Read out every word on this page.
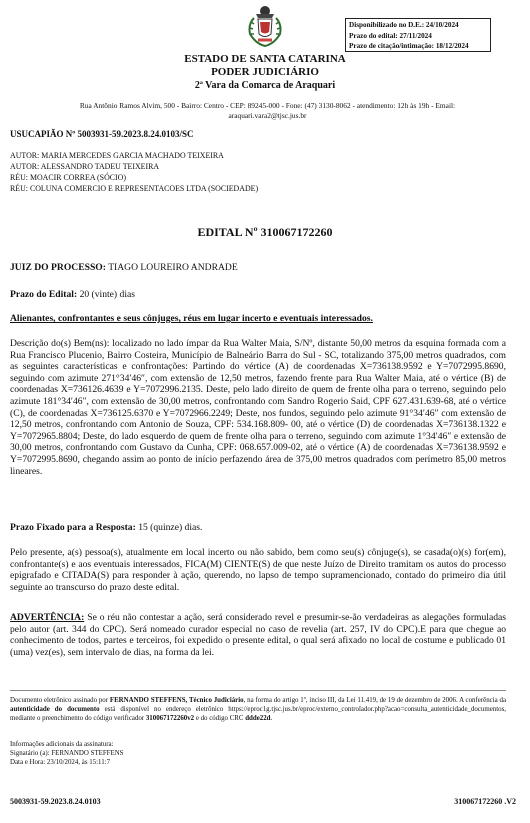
Disponibilizado no D.E.: 24/10/2024
Prazo do edital: 27/11/2024
Prazo de citação/intimação: 18/12/2024
ESTADO DE SANTA CATARINA
PODER JUDICIÁRIO
2ª Vara da Comarca de Araquari
Rua Antônio Ramos Alvim, 500 - Bairro: Centro - CEP: 89245-000 - Fone: (47) 3130-8062 - atendimento: 12h às 19h - Email:
araquari.vara2@tjsc.jus.br
USUCAPIÃO Nº 5003931-59.2023.8.24.0103/SC
AUTOR: MARIA MERCEDES GARCIA MACHADO TEIXEIRA
AUTOR: ALESSANDRO TADEU TEIXEIRA
RÉU: MOACIR CORREA (SÓCIO)
RÉU: COLUNA COMERCIO E REPRESENTACOES LTDA (SOCIEDADE)
EDITAL Nº 310067172260
JUIZ DO PROCESSO: TIAGO LOUREIRO ANDRADE
Prazo do Edital: 20 (vinte) dias
Alienantes, confrontantes e seus cônjuges, réus em lugar incerto e eventuais interessados.
Descrição do(s) Bem(ns): localizado no lado ímpar da Rua Walter Maia, S/Nº, distante 50,00 metros da esquina formada com a Rua Francisco Plucenio, Bairro Costeira, Município de Balneário Barra do Sul - SC, totalizando 375,00 metros quadrados, com as seguintes características e confrontações: Partindo do vértice (A) de coordenadas X=736138.9592 e Y=7072995.8690, seguindo com azimute 271°34′46″, com extensão de 12,50 metros, fazendo frente para Rua Walter Maia, até o vértice (B) de coordenadas X=736126.4639 e Y=7072996.2135. Deste, pelo lado direito de quem de frente olha para o terreno, seguindo pelo azimute 181°34′46″, com extensão de 30,00 metros, confrontando com Sandro Rogerio Said, CPF 627.431.639-68, até o vértice (C), de coordenadas X=736125.6370 e Y=7072966.2249; Deste, nos fundos, seguindo pelo azimute 91°34′46″ com extensão de 12,50 metros, confrontando com Antonio de Souza, CPF: 534.168.809- 00, até o vértice (D) de coordenadas X=736138.1322 e Y=7072965.8804; Deste, do lado esquerdo de quem de frente olha para o terreno, seguindo com azimute 1°34′46″ e extensão de 30,00 metros, confrontando com Gustavo da Cunha, CPF: 068.657.009-02, até o vértice (A) de coordenadas X=736138.9592 e Y=7072995.8690, chegando assim ao ponto de início perfazendo área de 375,00 metros quadrados com perímetro 85,00 metros lineares.
Prazo Fixado para a Resposta: 15 (quinze) dias.
Pelo presente, a(s) pessoa(s), atualmente em local incerto ou não sabido, bem como seu(s) cônjuge(s), se casada(o)(s) for(em), confrontante(s) e aos eventuais interessados, FICA(M) CIENTE(S) de que neste Juízo de Direito tramitam os autos do processo epigrafado e CITADA(S) para responder à ação, querendo, no lapso de tempo supramencionado, contado do primeiro dia útil seguinte ao transcurso do prazo deste edital.
ADVERTÊNCIA: Se o réu não contestar a ação, será considerado revel e presumir-se-ão verdadeiras as alegações formuladas pelo autor (art. 344 do CPC). Será nomeado curador especial no caso de revelia (art. 257, IV do CPC).E para que chegue ao conhecimento de todos, partes e terceiros, foi expedido o presente edital, o qual será afixado no local de costume e publicado 01 (uma) vez(es), sem intervalo de dias, na forma da lei.
Documento eletrônico assinado por FERNANDO STEFFENS, Técnico Judiciário, na forma do artigo 1º, inciso III, da Lei 11.419, de 19 de dezembro de 2006. A conferência da autenticidade do documento está disponível no endereço eletrônico https://eproc1g.tjsc.jus.br/eproc/externo_controlador.php?acao=consulta_autenticidade_documentos, mediante o preenchimento do código verificador 310067172260v2 e do código CRC ddde22d.
Informações adicionais da assinatura:
Signatário (a): FERNANDO STEFFENS
Data e Hora: 23/10/2024, às 15:11:7
5003931-59.2023.8.24.0103	310067172260 .V2
